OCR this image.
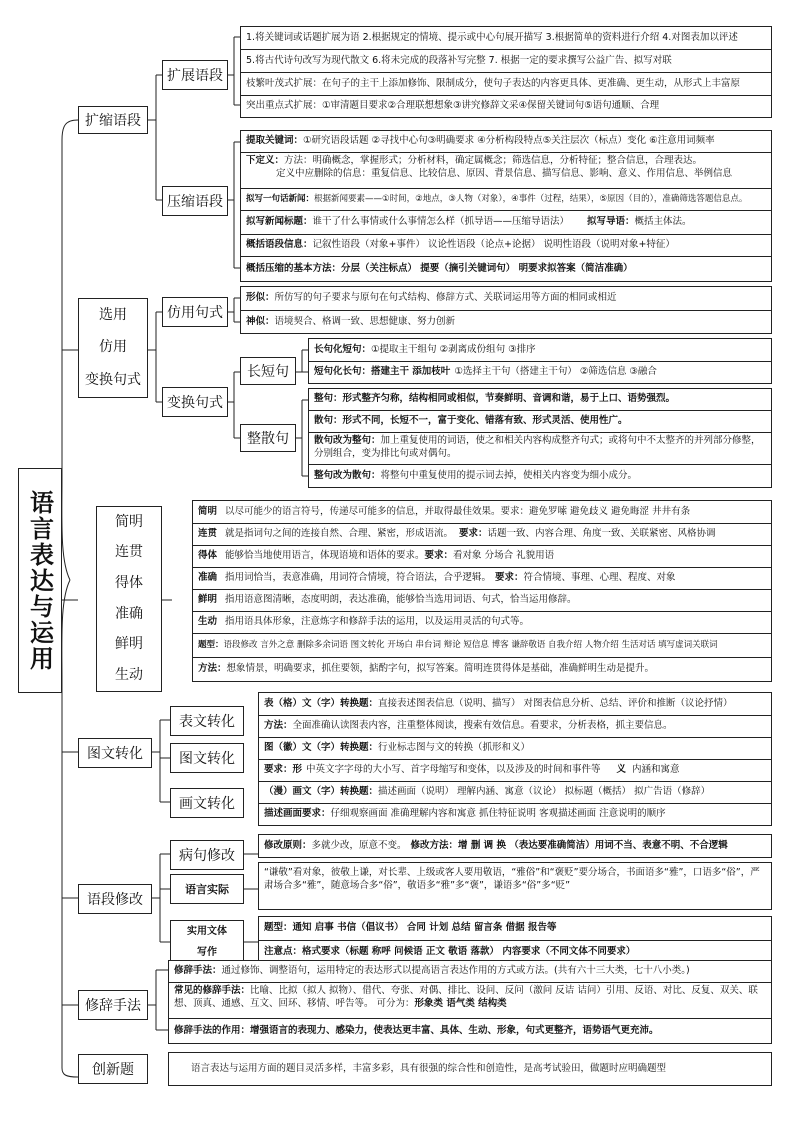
语言表达与运用
扩缩语段
扩展语段
1.将关键词或话题扩展为语 2.根据规定的情境、提示或中心句展开描写 3.根据简单的资料进行介绍 4.对图表加以评述
5.将古代诗句改写为现代散文 6.将未完成的段落补写完整 7. 根据一定的要求撰写公益广告、拟写对联
枝繁叶茂式扩展：在句子的主干上添加修饰、限制成分，使句子表达的内容更具体、更准确、更生动，从形式上丰富原
突出重点式扩展：①审清题目要求②合理联想想象③讲究修辞文采④保留关键词句⑤语句通顺、合理
压缩语段
提取关键词： ①研究语段话题 ②寻找中心句③明确要求 ④分析构段特点⑤关注层次（标点）变化 ⑥注意用词频率
下定义：方法：明确概念，掌握形式；分析材料，确定属概念；筛选信息，分析特征；整合信息，合理表达。
定义中应删除的信息：重复信息、比较信息、原因、背景信息、描写信息、影响、意义、作用信息、举例信息
拟写一句话新闻： 根据新闻要素——①时间，②地点，③人物（对象），④事件（过程，结果），⑤原因（目的），准确筛选答题信息点。
拟写新闻标题： 谁干了什么事情或什么事情怎么样（抓导语——压缩导语法） 拟写导语： 概括主体法。
概括语段信息： 记叙性语段（对象+事件） 议论性语段（论点+论据） 说明性语段（说明对象+特征）
概括压缩的基本方法：分层（关注标点） 提要（摘引关键词句） 明要求拟答案（简洁准确）
选用
仿用
变换句式
仿用句式
形似： 所仿写的句子要求与原句在句式结构、修辞方式、关联词运用等方面的相同或相近
神似： 语境契合、格调一致、思想健康、努力创新
变换句式
长短句
长句化短句： ①提取主干组句 ②剥离成份组句 ③排序
短句化长句：搭建主干 添加枝叶 ①选择主干句（搭建主干句） ②筛选信息 ③融合
整散句
整句：形式整齐匀称，结构相同或相似，节奏鲜明、音调和谐，易于上口、语势强烈。
散句：形式不同，长短不一，富于变化、错落有致、形式灵活、使用性广。
散句改为整句：加上重复使用的词语，使之和相关内容构成整齐句式；或将句中不太整齐的并列部分修整，分别组合，变为排比句或对偶句。
整句改为散句： 将整句中重复使用的提示词去掉，使相关内容变为细小成分。
简明
连贯
得体
准确
鲜明
生动
简明 以尽可能少的语言符号，传递尽可能多的信息，并取得最佳效果。要求：避免罗嗦 避免歧义 避免晦涩 井井有条
连贯 就是指词句之间的连接自然、合理、紧密，形成语流。 要求： 话题一致、内容合理、角度一致、关联紧密、风格协调
得体 能够恰当地使用语言，体现语境和语体的要求。 要求： 看对象 分场合 礼貌用语
准确 指用词恰当，表意准确，用词符合情境，符合语法，合乎逻辑。 要求： 符合情境、事理、心理、程度、对象
鲜明 指用语意图清晰，态度明朗，表达准确，能够恰当选用词语、句式，恰当运用修辞。
生动 指用语具体形象，注意炼字和修辞手法的运用，以及运用灵活的句式等。
题型： 语段修改 言外之意 删除多余词语 图文转化 开场白 串台词 辩论 短信息 博客 谦辞敬语 自我介绍 人物介绍 生活对话 填写虚词关联词
方法： 想象情景，明确要求，抓住要领，掂酌字句，拟写答案。简明连贯得体是基础，准确鲜明生动是提升。
图文转化
表文转化
图文转化
画文转化
表（格）文（字）转换题： 直接表述图表信息（说明、描写） 对图表信息分析、总结、评价和推断（议论抒情）
方法： 全面准确认读图表内容，注重整体阅读，搜索有效信息。看要求，分析表格，抓主要信息。
图（徽）文（字）转换题： 行业标志图与文的转换（抓形和义）
要求：形 中英文字字母的大小写、首字母缩写和变体，以及涉及的时间和事件等 义 内涵和寓意
（漫）画文（字）转换题： 描述画面（说明） 理解内涵、寓意（议论） 拟标题（概括） 拟广告语（修辞）
描述画面要求： 仔细观察画面 准确理解内容和寓意 抓住特征说明 客观描述画面 注意说明的顺序
语段修改
病句修改
修改原则： 多就少改，原意不变。 修改方法：增 删 调 换 （表达要准确简洁）用词不当、表意不明、不合逻辑
语言实际
“谦敬”看对象，彼敬上谦，对长辈、上级或客人要用敬语，“雅俗”和“褒贬”要分场合，书面语多“雅”，口语多“俗”，严肃场合多“雅”，随意场合多“俗”，敬语多“雅”多“褒”，谦语多“俗”多“贬”
实用文体
写作
题型：通知 启事 书信（倡议书） 合同 计划 总结 留言条 借据 报告等
注意点：格式要求（标题 称呼 问候语 正文 敬语 落款） 内容要求（不同文体不同要求）
修辞手法
修辞手法： 通过修饰、调整语句，运用特定的表达形式以提高语言表达作用的方式或方法。(共有六十三大类，七十八小类。)
常见的修辞手法：比喻、比拟（拟人 拟物）、借代、夸张、对偶、排比、设问、反问（激问 反诘 诘问）引用、反语、对比、反复、双关、联想、顶真、通感、互文、回环、移情、呼告等。 可分为：形象类 语气类 结构类
修辞手法的作用：增强语言的表现力、感染力，使表达更丰富、具体、生动、形象，句式更整齐，语势语气更充沛。
创新题	语言表达与运用方面的题目灵活多样，丰富多彩，具有很强的综合性和创造性，是高考试验田，做题时应明确题型
